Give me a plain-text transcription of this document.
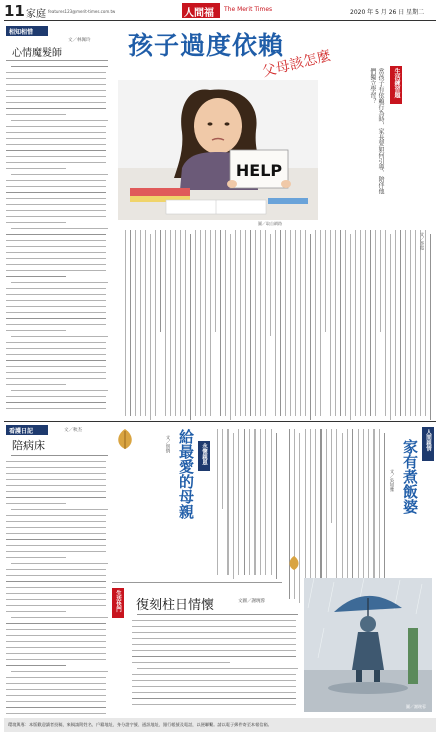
11 家庭 features123@merit-times.com.tw	人間福報
The Merit Times	2020 年 5 月 26 日 星期二
相知相惜
文／林佩玲
心情魔髮師	孩子過度依賴
父母該怎麼辦？
HELP
圖／取自網路
當孩子有依賴行為時，家長要如何引導、陪伴他們獨立學習？	生活練習題
文／李霓
看護日記	文／秋杰
陪病床	給最愛的母親
文／別情	永懷親恩
人間親情
家有煮飯婆
文／吳如雅
生活快門 復刻柱日情懷	文圖／謝琬蓉
圖／謝琬蓉
環境與專：本版歡迎讀者投稿，來稿請附姓名、戶籍地址、身分證字號、通訊地址、銀行帳號及電話，以便聯繫。請以電子郵件寄至本報信箱。
